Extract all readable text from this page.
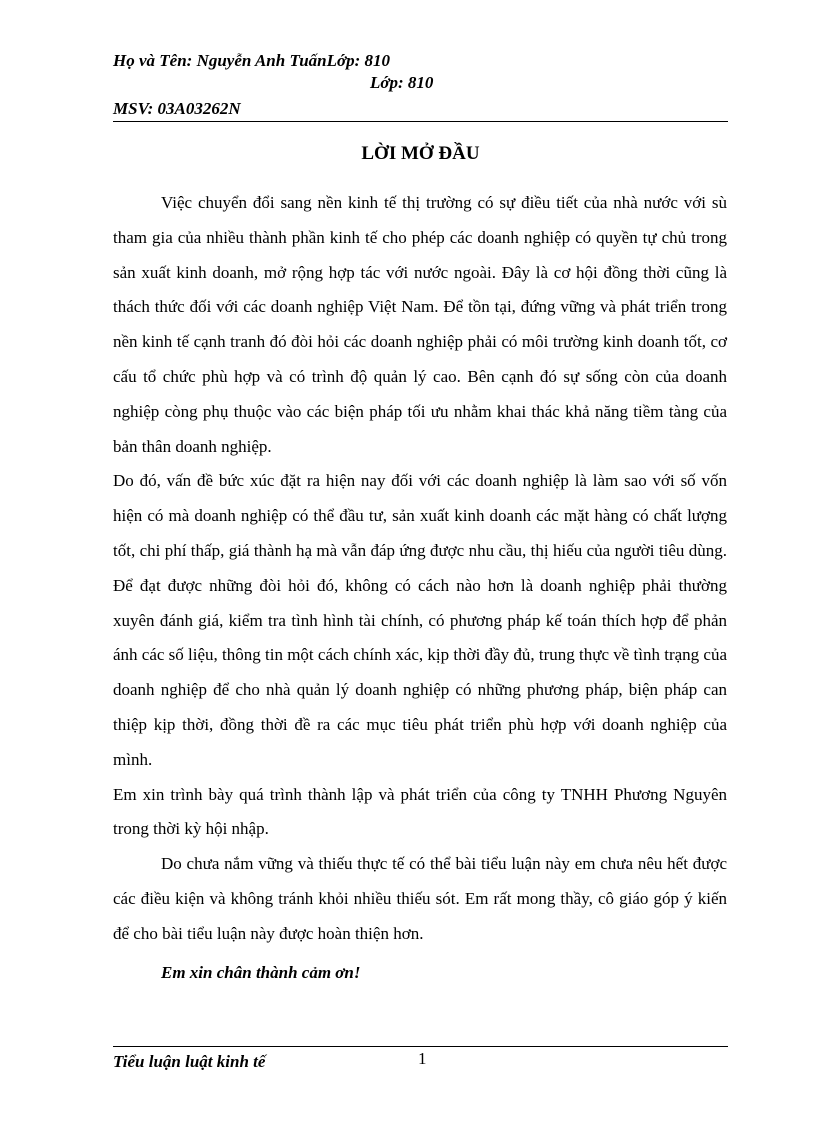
Họ và Tên: Nguyễn Anh TuấnLớp: 810
Lớp: 810
MSV: 03A03262N
LỜI MỞ ĐẦU

Việc chuyển đổi sang nền kinh tế thị trường có sự điều tiết của nhà nước với sù tham gia của nhiều thành phần kinh tế cho phép các doanh nghiệp có quyền tự chủ trong sản xuất kinh doanh, mở rộng hợp tác với nước ngoài. Đây là cơ hội đồng thời cũng là thách thức đối với các doanh nghiệp Việt Nam. Để tồn tại, đứng vững và phát triển trong nền kinh tế cạnh tranh đó đòi hỏi các doanh nghiệp phải có môi trường kinh doanh tốt, cơ cấu tổ chức phù hợp và có trình độ quản lý cao. Bên cạnh đó sự sống còn của doanh nghiệp còng phụ thuộc vào các biện pháp tối ưu nhằm khai thác khả năng tiềm tàng của bản thân doanh nghiệp.

Do đó, vấn đề bức xúc đặt ra hiện nay đối với các doanh nghiệp là làm sao với số vốn hiện có mà doanh nghiệp có thể đầu tư, sản xuất kinh doanh các mặt hàng có chất lượng tốt, chi phí thấp, giá thành hạ mà vẫn đáp ứng được nhu cầu, thị hiếu của người tiêu dùng. Để đạt được những đòi hỏi đó, không có cách nào hơn là doanh nghiệp phải thường xuyên đánh giá, kiểm tra tình hình tài chính, có phương pháp kế toán thích hợp để phản ánh các số liệu, thông tin một cách chính xác, kịp thời đầy đủ, trung thực về tình trạng của doanh nghiệp để cho nhà quản lý doanh nghiệp có những phương pháp, biện pháp can thiệp kịp thời, đồng thời đề ra các mục tiêu phát triển phù hợp với doanh nghiệp của mình.

Em xin trình bày quá trình thành lập và phát triển của công ty TNHH Phương Nguyên trong thời kỳ hội nhập.

Do chưa nắm vững và thiếu thực tế có thể bài tiểu luận này em chưa nêu hết được các điều kiện và không tránh khỏi nhiều thiếu sót. Em rất mong thầy, cô giáo góp ý kiến để cho bài tiểu luận này được hoàn thiện hơn.

Em xin chân thành cảm ơn!

Tiểu luận luật kinh tế	1
